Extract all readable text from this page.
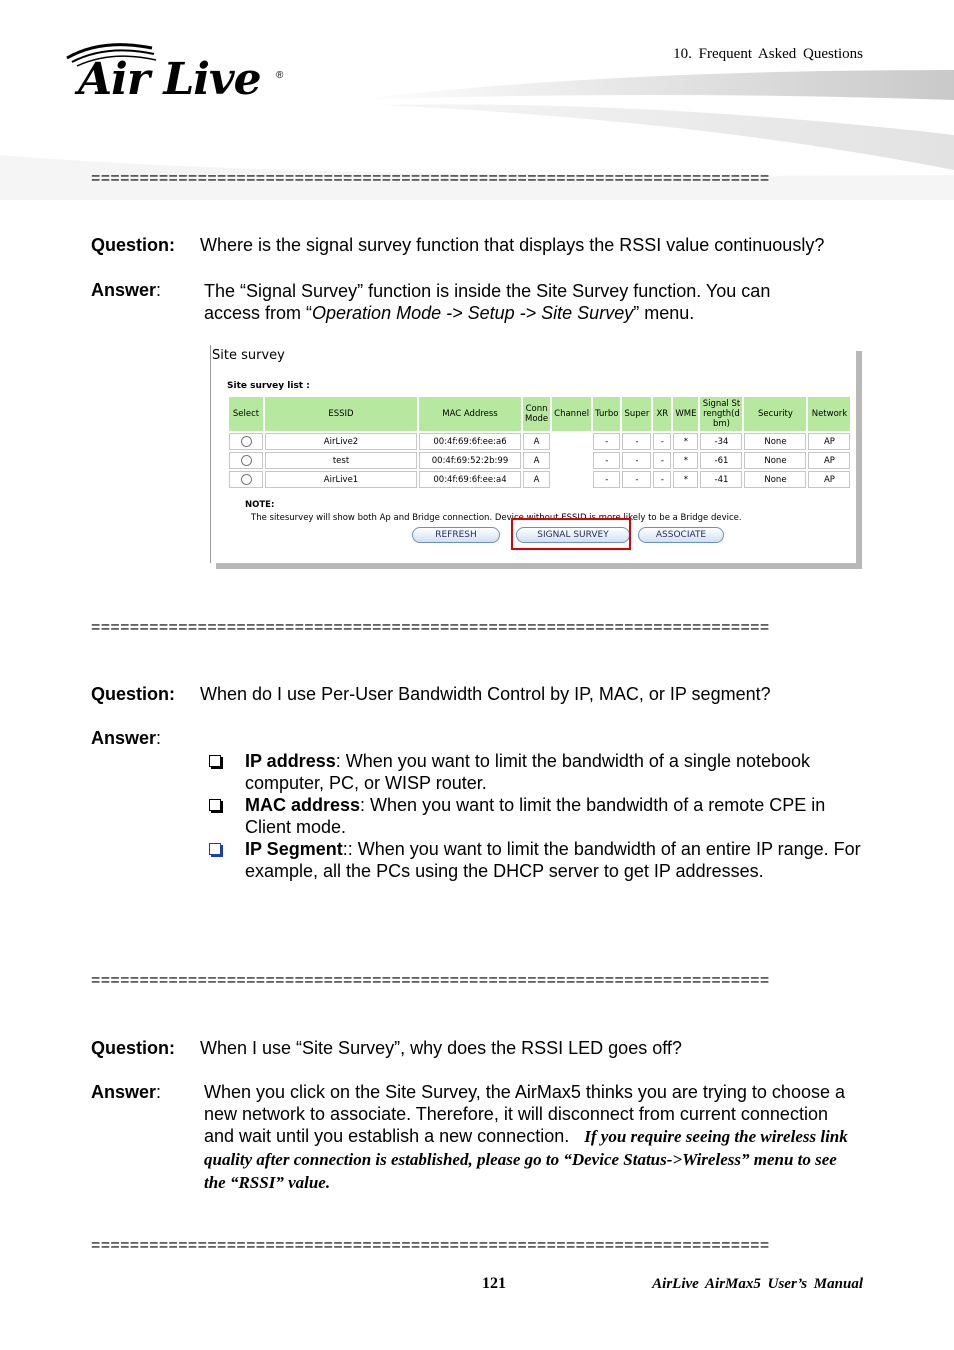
Air Live ®
10. Frequent Asked Questions
======================================================================
Question: Where is the signal survey function that displays the RSSI value continuously?
Answer: The “Signal Survey” function is inside the Site Survey function. You can
access from “Operation Mode -> Setup -> Site Survey” menu.
Site survey
Site survey list :
Select	ESSID	MAC Address	Conn Mode	Channel	Turbo	Super	XR	WME	Signal Strength(dbm)	Security	Network
	AirLive2	00:4f:69:6f:ee:a6	A		-	-	-	*	-34	None	AP
	test	00:4f:69:52:2b:99	A		-	-	-	*	-61	None	AP
	AirLive1	00:4f:69:6f:ee:a4	A		-	-	-	*	-41	None	AP
NOTE:
The sitesurvey will show both Ap and Bridge connection. Device without ESSID is more likely to be a Bridge device.
REFRESH	SIGNAL SURVEY	ASSOCIATE
======================================================================
Question: When do I use Per-User Bandwidth Control by IP, MAC, or IP segment?
Answer:
IP address: When you want to limit the bandwidth of a single notebook computer, PC, or WISP router.
MAC address: When you want to limit the bandwidth of a remote CPE in Client mode.
IP Segment:: When you want to limit the bandwidth of an entire IP range. For example, all the PCs using the DHCP server to get IP addresses.
======================================================================
Question: When I use “Site Survey”, why does the RSSI LED goes off?
Answer: When you click on the Site Survey, the AirMax5 thinks you are trying to choose a new network to associate. Therefore, it will disconnect from current connection and wait until you establish a new connection. If you require seeing the wireless link quality after connection is established, please go to “Device Status->Wireless” menu to see the “RSSI” value.
======================================================================
121	AirLive AirMax5 User’s Manual
